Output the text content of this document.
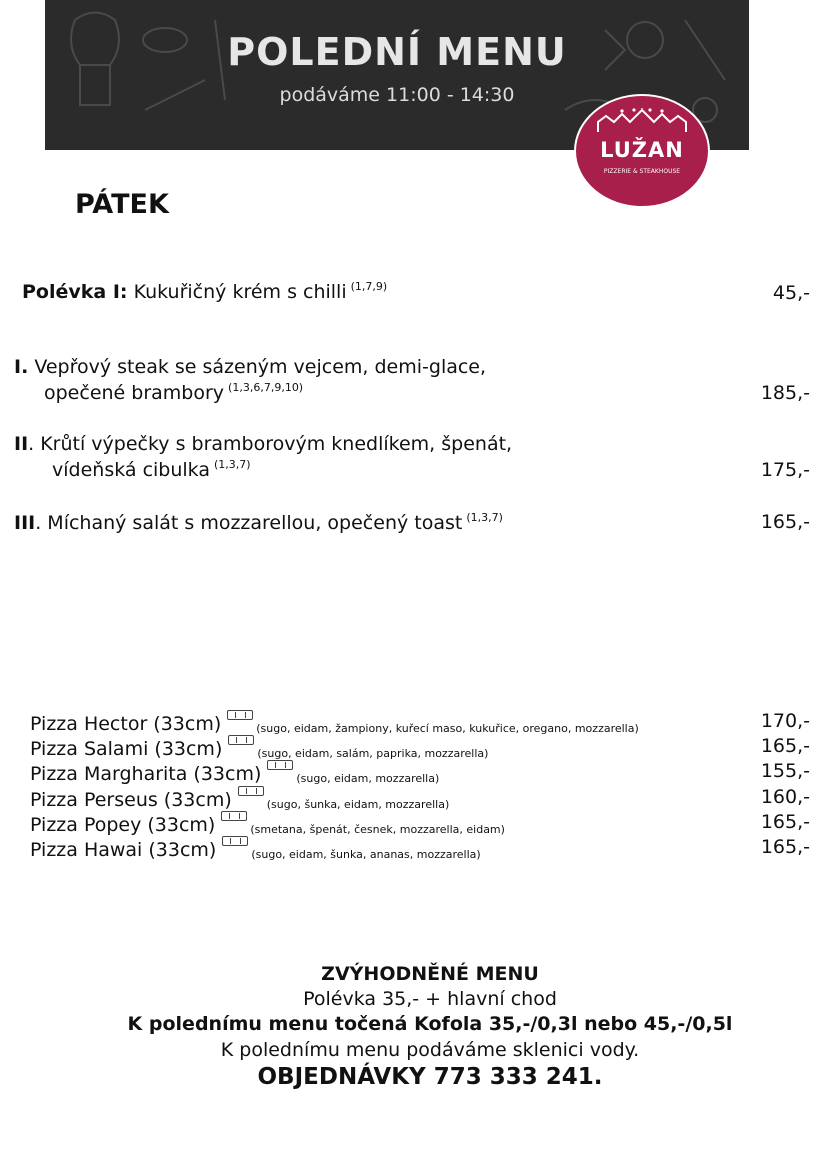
POLEDNÍ MENU
podáváme 11:00 - 14:30
LUŽAN
PIZZERIE & STEAKHOUSE
PÁTEK
Polévka I: Kukuřičný krém s chilli $^{(1,7,9)}$	45,-
I. Vepřový steak se sázeným vejcem, demi-glace,
opečené brambory $^{(1,3,6,7,9,10)}$	185,-
II. Krůtí výpečky s bramborovým knedlíkem, špenát,
vídeňská cibulka $^{(1,3,7)}$	175,-
III. Míchaný salát s mozzarellou, opečený toast $^{(1,3,7)}$	165,-
Pizza Hector (33cm)	(sugo, eidam, žampiony, kuřecí maso, kukuřice, oregano, mozzarella)	170,-
Pizza Salami (33cm)	(sugo, eidam, salám, paprika, mozzarella)	165,-
Pizza Margharita (33cm)	(sugo, eidam, mozzarella)	155,-
Pizza Perseus (33cm)	(sugo, šunka, eidam, mozzarella)	160,-
Pizza Popey (33cm)	(smetana, špenát, česnek, mozzarella, eidam)	165,-
Pizza Hawai (33cm)	(sugo, eidam, šunka, ananas, mozzarella)	165,-
ZVÝHODNĚNÉ MENU
Polévka 35,- + hlavní chod
K polednímu menu točená Kofola 35,-/0,3l nebo 45,-/0,5l
K polednímu menu podáváme sklenici vody.
OBJEDNÁVKY 773 333 241.
